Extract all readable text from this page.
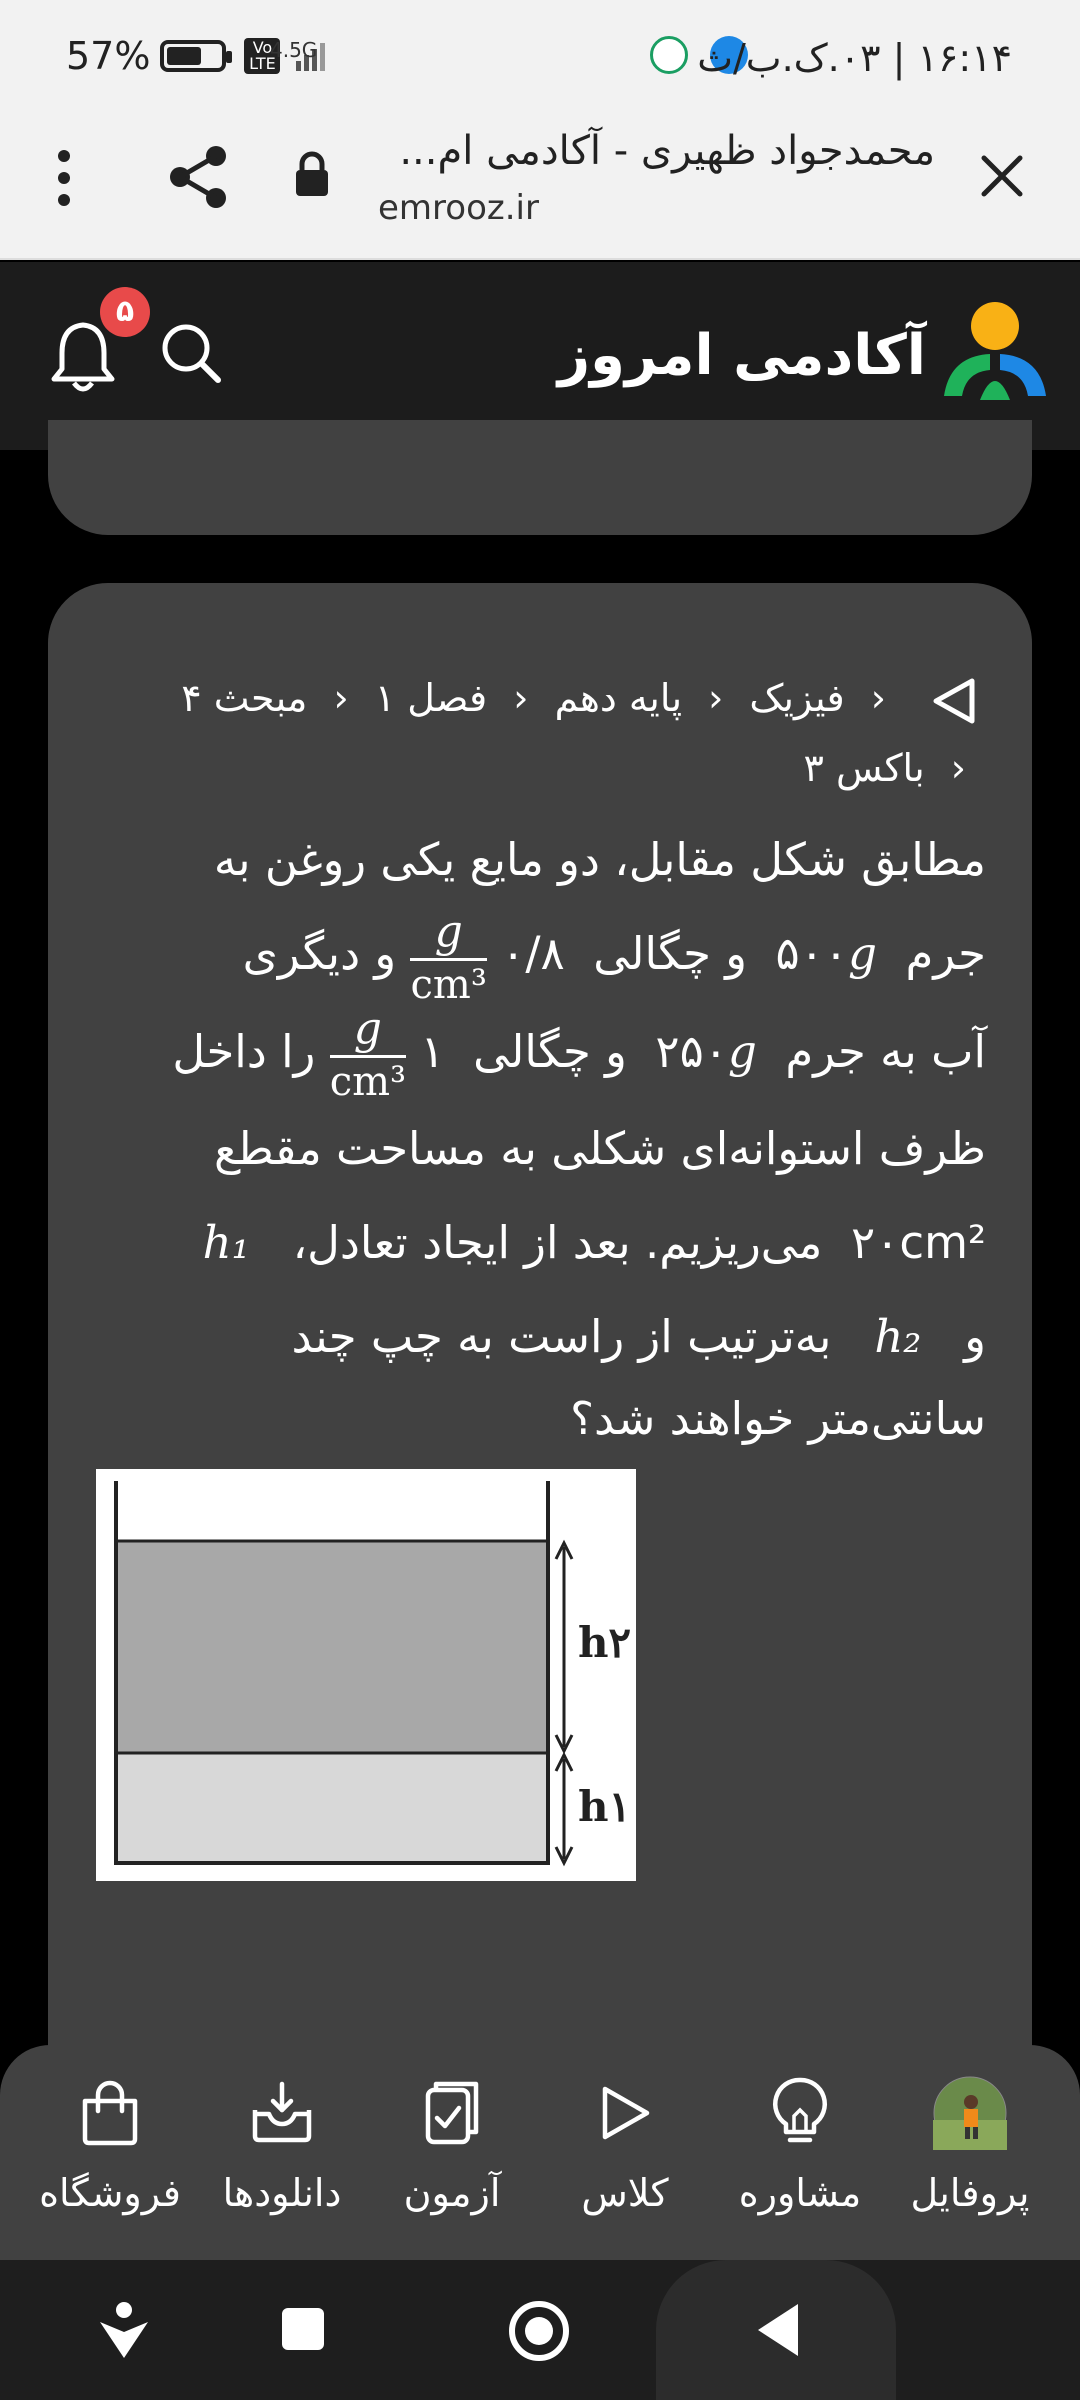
57%	Vo LTE
4.5G	۱۶:۱۴ | ۰۳.ک.ب/ث
محمدجواد ظهیری - آکادمی ام...
emrooz.ir
آکادمی امروز
۵
‹ فیزیک ‹ پایه دهم ‹ فصل ۱ ‹ مبحث ۴
‹ باکس ۳
مطابق شکل مقابل، دو مایع یکی روغن به
جرم  ۵۰۰g  و چگالی  ۰/۸
$\frac{g}{\text{cm³}}$
و دیگری
آب به جرم  ۲۵۰g  و چگالی  ۱
$\frac{g}{\text{cm³}}$
را داخل
ظرف استوانه‌ای شکلی به مساحت مقطع
۲۰cm²  می‌ریزیم. بعد از ایجاد تعادل،   h₁
و   h₂   به‌ترتیب از راست به چپ چند
سانتی‌متر خواهند شد؟
h۲
h۱
پروفایل
مشاوره
کلاس
آزمون
دانلودها
فروشگاه
